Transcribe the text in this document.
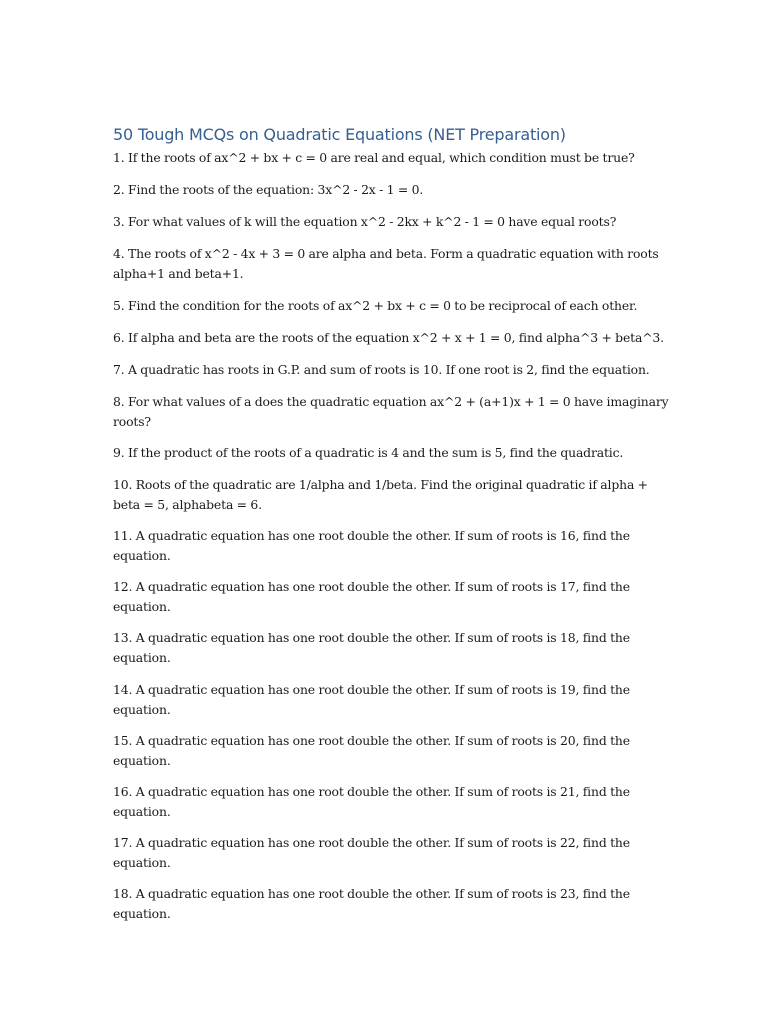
50 Tough MCQs on Quadratic Equations (NET Preparation)

1. If the roots of ax^2 + bx + c = 0 are real and equal, which condition must be true?

2. Find the roots of the equation: 3x^2 - 2x - 1 = 0.

3. For what values of k will the equation x^2 - 2kx + k^2 - 1 = 0 have equal roots?

4. The roots of x^2 - 4x + 3 = 0 are alpha and beta. Form a quadratic equation with roots alpha+1 and beta+1.

5. Find the condition for the roots of ax^2 + bx + c = 0 to be reciprocal of each other.

6. If alpha and beta are the roots of the equation x^2 + x + 1 = 0, find alpha^3 + beta^3.

7. A quadratic has roots in G.P. and sum of roots is 10. If one root is 2, find the equation.

8. For what values of a does the quadratic equation ax^2 + (a+1)x + 1 = 0 have imaginary roots?

9. If the product of the roots of a quadratic is 4 and the sum is 5, find the quadratic.

10. Roots of the quadratic are 1/alpha and 1/beta. Find the original quadratic if alpha + beta = 5, alphabeta = 6.

11. A quadratic equation has one root double the other. If sum of roots is 16, find the equation.

12. A quadratic equation has one root double the other. If sum of roots is 17, find the equation.

13. A quadratic equation has one root double the other. If sum of roots is 18, find the equation.

14. A quadratic equation has one root double the other. If sum of roots is 19, find the equation.

15. A quadratic equation has one root double the other. If sum of roots is 20, find the equation.

16. A quadratic equation has one root double the other. If sum of roots is 21, find the equation.

17. A quadratic equation has one root double the other. If sum of roots is 22, find the equation.

18. A quadratic equation has one root double the other. If sum of roots is 23, find the equation.
